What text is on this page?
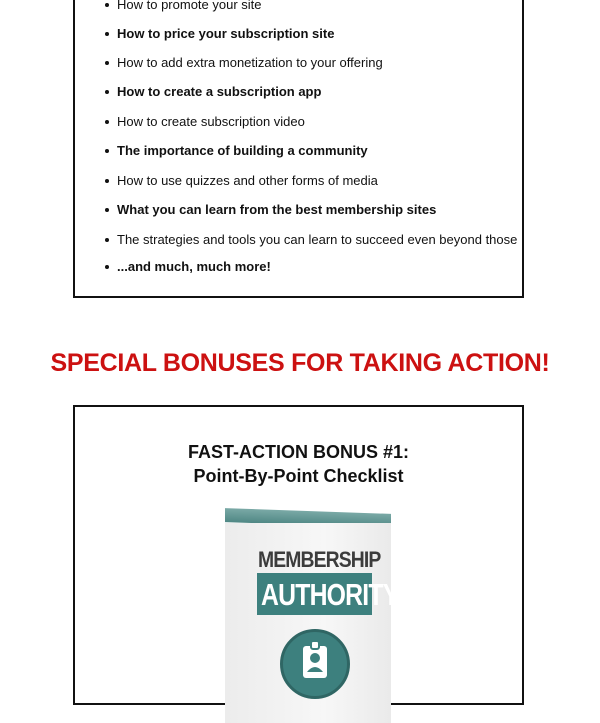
How to promote your site
How to price your subscription site
How to add extra monetization to your offering
How to create a subscription app
How to create subscription video
The importance of building a community
How to use quizzes and other forms of media
What you can learn from the best membership sites
The strategies and tools you can learn to succeed even beyond those
...and much, much more!
SPECIAL BONUSES FOR TAKING ACTION!
FAST-ACTION BONUS #1:
Point-By-Point Checklist
MEMBERSHIP
AUTHORITY
